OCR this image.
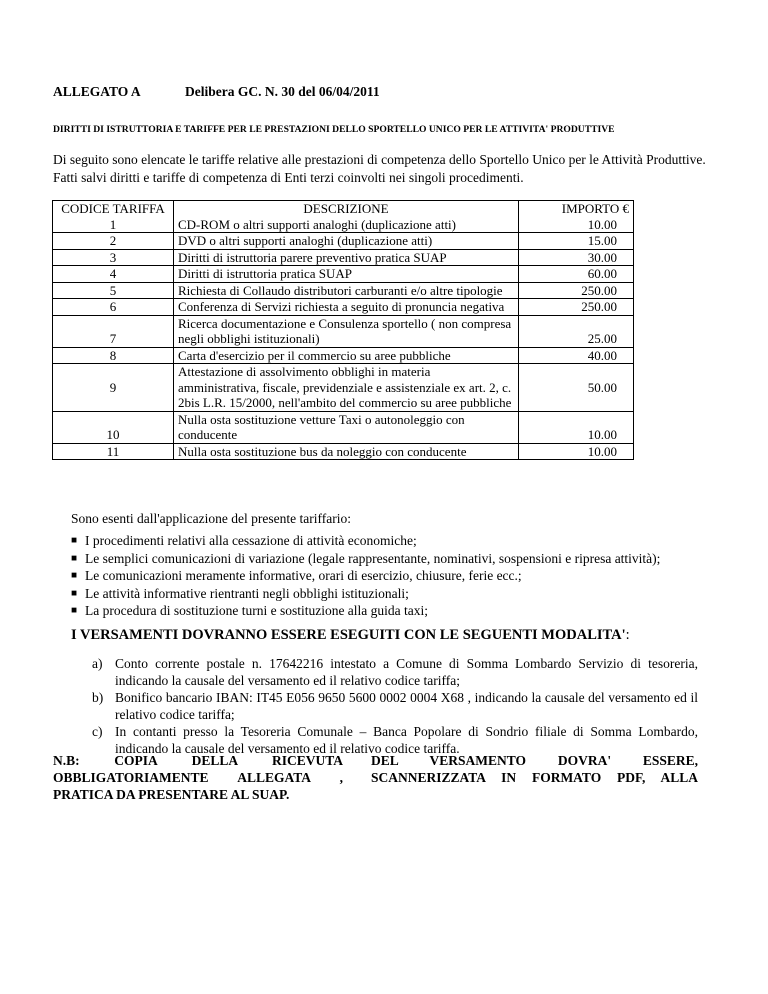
ALLEGATO A	Delibera GC. N. 30 del 06/04/2011
DIRITTI DI ISTRUTTORIA E TARIFFE PER LE PRESTAZIONI DELLO SPORTELLO UNICO PER LE ATTIVITA' PRODUTTIVE
Di seguito sono elencate le tariffe relative alle prestazioni di competenza dello Sportello Unico per le Attività Produttive.
Fatti salvi diritti e tariffe di competenza di Enti terzi coinvolti nei singoli procedimenti.
CODICE TARIFFA	DESCRIZIONE	IMPORTO €
1	CD-ROM o altri supporti analoghi (duplicazione atti)	10.00
2	DVD o altri supporti analoghi (duplicazione atti)	15.00
3	Diritti di istruttoria parere preventivo pratica SUAP	30.00
4	Diritti di istruttoria pratica SUAP	60.00
5	Richiesta di Collaudo distributori carburanti e/o altre tipologie	250.00
6	Conferenza di Servizi richiesta a seguito di pronuncia negativa	250.00
7	Ricerca documentazione e Consulenza sportello ( non compresa negli obblighi istituzionali)	25.00
8	Carta d'esercizio per il commercio su aree pubbliche	40.00
9	Attestazione di assolvimento obblighi in materia amministrativa, fiscale, previdenziale e assistenziale ex art. 2, c. 2bis L.R. 15/2000, nell'ambito del commercio su aree pubbliche	50.00
10	Nulla osta sostituzione vetture Taxi o autonoleggio con conducente	10.00
11	Nulla osta sostituzione bus da noleggio con conducente	10.00
Sono esenti dall'applicazione del presente tariffario:
■ I procedimenti relativi alla cessazione di attività economiche;
■ Le semplici comunicazioni di variazione (legale rappresentante, nominativi, sospensioni e ripresa attività);
■ Le comunicazioni meramente informative, orari di esercizio, chiusure, ferie ecc.;
■ Le attività informative rientranti negli obblighi istituzionali;
■ La procedura di sostituzione turni e sostituzione alla guida taxi;
I VERSAMENTI DOVRANNO ESSERE ESEGUITI CON LE SEGUENTI MODALITA':
a) Conto corrente postale n. 17642216 intestato a Comune di Somma Lombardo Servizio di tesoreria, indicando la causale del versamento ed il relativo codice tariffa;
b) Bonifico bancario IBAN: IT45 E056 9650 5600 0002 0004 X68 , indicando la causale del versamento ed il relativo codice tariffa;
c) In contanti presso la Tesoreria Comunale – Banca Popolare di Sondrio filiale di Somma Lombardo, indicando la causale del versamento ed il relativo codice tariffa.
N.B: COPIA DELLA RICEVUTA
OBBLIGATORIAMENTE ALLEGATA ,
PRATICA DA PRESENTARE AL SUAP.
DEL VERSAMENTO DOVRA' ESSERE,
SCANNERIZZATA IN FORMATO PDF, ALLA
